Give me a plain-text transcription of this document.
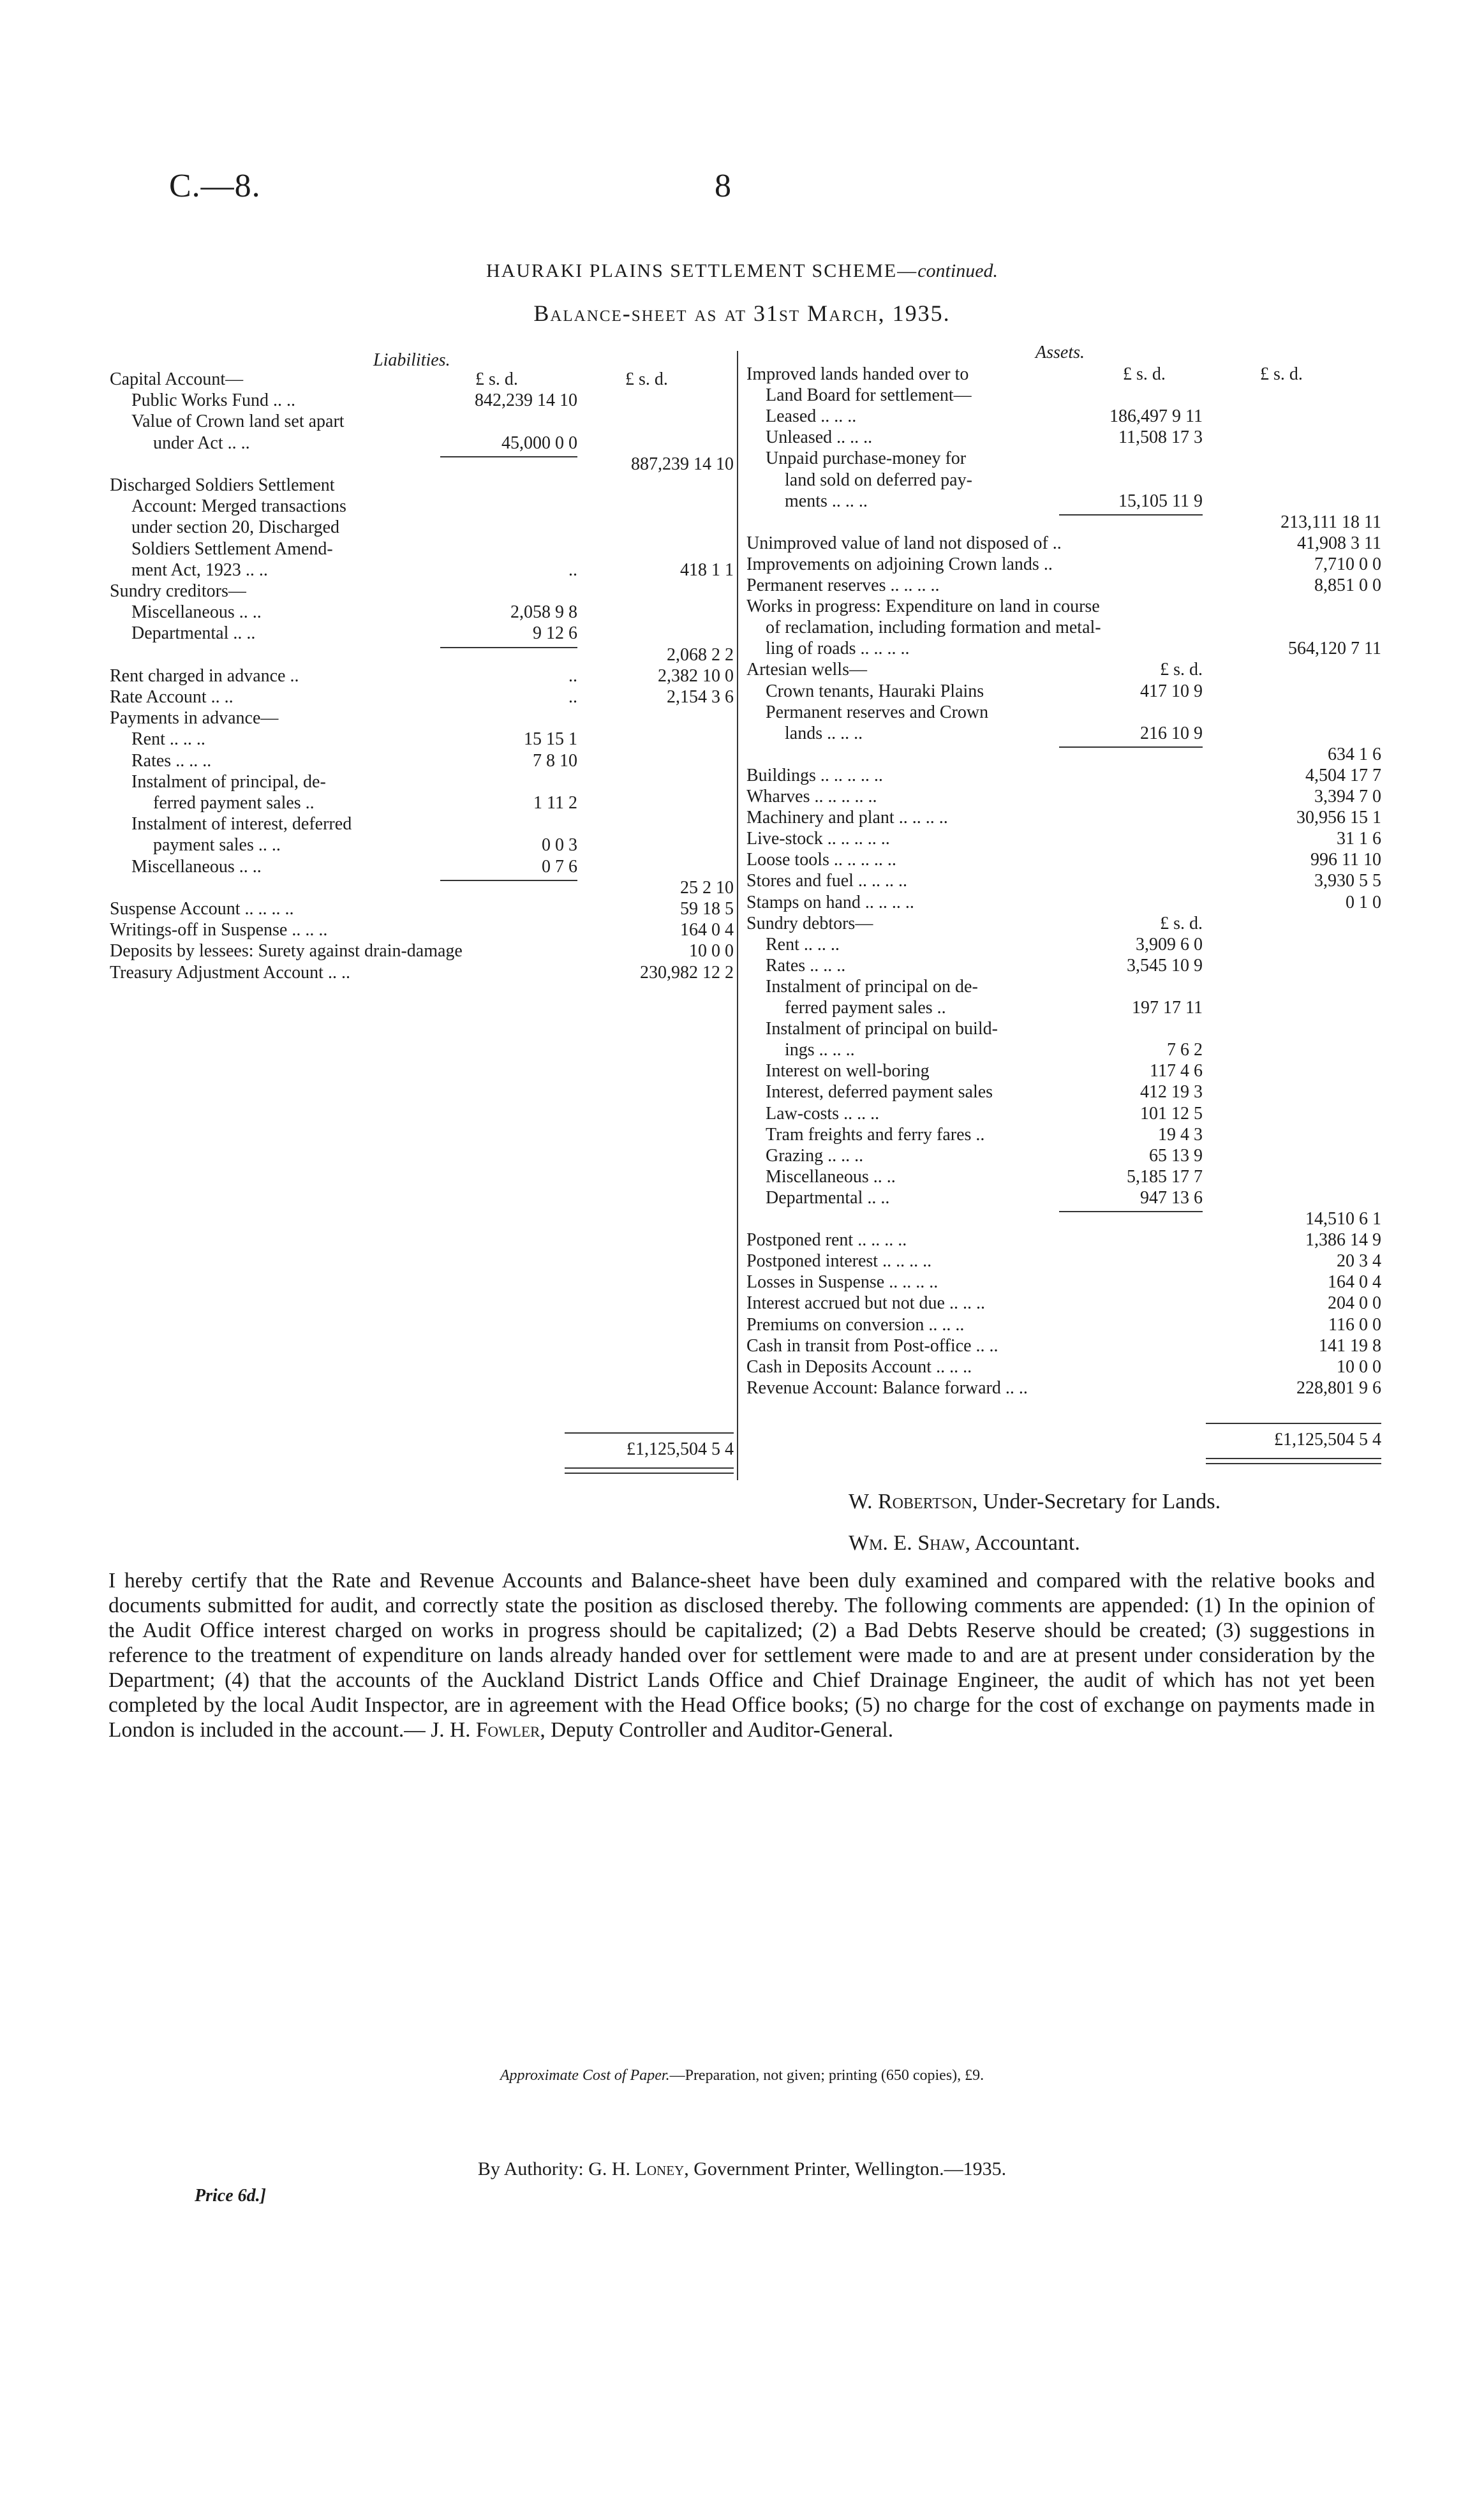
C.—8.	8
HAURAKI PLAINS SETTLEMENT SCHEME—continued.
Balance-sheet as at 31st March, 1935.
Liabilities.	Assets.
£ s. d.	£ s. d.	£ s. d.	£ s. d.
Capital Account—
Public Works Fund .. ..	842,239 14 10
Value of Crown land set apart
under Act .. ..	45,000 0 0
887,239 14 10
Discharged Soldiers Settlement
Account: Merged transactions
under section 20, Discharged
Soldiers Settlement Amend-
ment Act, 1923 .. ..	..	418 1 1
Sundry creditors—
Miscellaneous .. ..	2,058 9 8
Departmental .. ..	9 12 6
2,068 2 2
Rent charged in advance ..	..	2,382 10 0
Rate Account .. ..	..	2,154 3 6
Payments in advance—
Rent .. .. ..	15 15 1
Rates .. .. ..	7 8 10
Instalment of principal, de-
ferred payment sales ..	1 11 2
Instalment of interest, deferred
payment sales .. ..	0 0 3
Miscellaneous .. ..	0 7 6
25 2 10
Suspense Account .. .. .. ..	59 18 5
Writings-off in Suspense .. .. ..	164 0 4
Deposits by lessees: Surety against drain-damage	10 0 0
Treasury Adjustment Account .. ..	230,982 12 2
Improved lands handed over to
Land Board for settlement—
Leased .. .. ..	186,497 9 11
Unleased .. .. ..	11,508 17 3
Unpaid purchase-money for
land sold on deferred pay-
ments .. .. ..	15,105 11 9
213,111 18 11
Unimproved value of land not disposed of ..	41,908 3 11
Improvements on adjoining Crown lands ..	7,710 0 0
Permanent reserves .. .. .. ..	8,851 0 0
Works in progress: Expenditure on land in course
of reclamation, including formation and metal-
ling of roads .. .. .. ..	564,120 7 11
Artesian wells—	£ s. d.
Crown tenants, Hauraki Plains	417 10 9
Permanent reserves and Crown
lands .. .. ..	216 10 9
634 1 6
Buildings .. .. .. .. ..	4,504 17 7
Wharves .. .. .. .. ..	3,394 7 0
Machinery and plant .. .. .. ..	30,956 15 1
Live-stock .. .. .. .. ..	31 1 6
Loose tools .. .. .. .. ..	996 11 10
Stores and fuel .. .. .. ..	3,930 5 5
Stamps on hand .. .. .. ..	0 1 0
Sundry debtors—	£ s. d.
Rent .. .. ..	3,909 6 0
Rates .. .. ..	3,545 10 9
Instalment of principal on de-
ferred payment sales ..	197 17 11
Instalment of principal on build-
ings .. .. ..	7 6 2
Interest on well-boring	117 4 6
Interest, deferred payment sales	412 19 3
Law-costs .. .. ..	101 12 5
Tram freights and ferry fares ..	19 4 3
Grazing .. .. ..	65 13 9
Miscellaneous .. ..	5,185 17 7
Departmental .. ..	947 13 6
14,510 6 1
Postponed rent .. .. .. ..	1,386 14 9
Postponed interest .. .. .. ..	20 3 4
Losses in Suspense .. .. .. ..	164 0 4
Interest accrued but not due .. .. ..	204 0 0
Premiums on conversion .. .. ..	116 0 0
Cash in transit from Post-office .. ..	141 19 8
Cash in Deposits Account .. .. ..	10 0 0
Revenue Account: Balance forward .. ..	228,801 9 6
£1,125,504 5 4	£1,125,504 5 4
W. Robertson, Under-Secretary for Lands.
Wm. E. Shaw, Accountant.
I hereby certify that the Rate and Revenue Accounts and Balance-sheet have been duly examined and compared with the relative books and documents submitted for audit, and correctly state the position as disclosed thereby. The following comments are appended: (1) In the opinion of the Audit Office interest charged on works in progress should be capitalized; (2) a Bad Debts Reserve should be created; (3) suggestions in reference to the treatment of expenditure on lands already handed over for settlement were made to and are at present under consideration by the Department; (4) that the accounts of the Auckland District Lands Office and Chief Drainage Engineer, the audit of which has not yet been completed by the local Audit Inspector, are in agreement with the Head Office books; (5) no charge for the cost of exchange on payments made in London is included in the account.— J. H. Fowler, Deputy Controller and Auditor-General.
Approximate Cost of Paper.—Preparation, not given; printing (650 copies), £9.
By Authority: G. H. Loney, Government Printer, Wellington.—1935.
Price 6d.]
